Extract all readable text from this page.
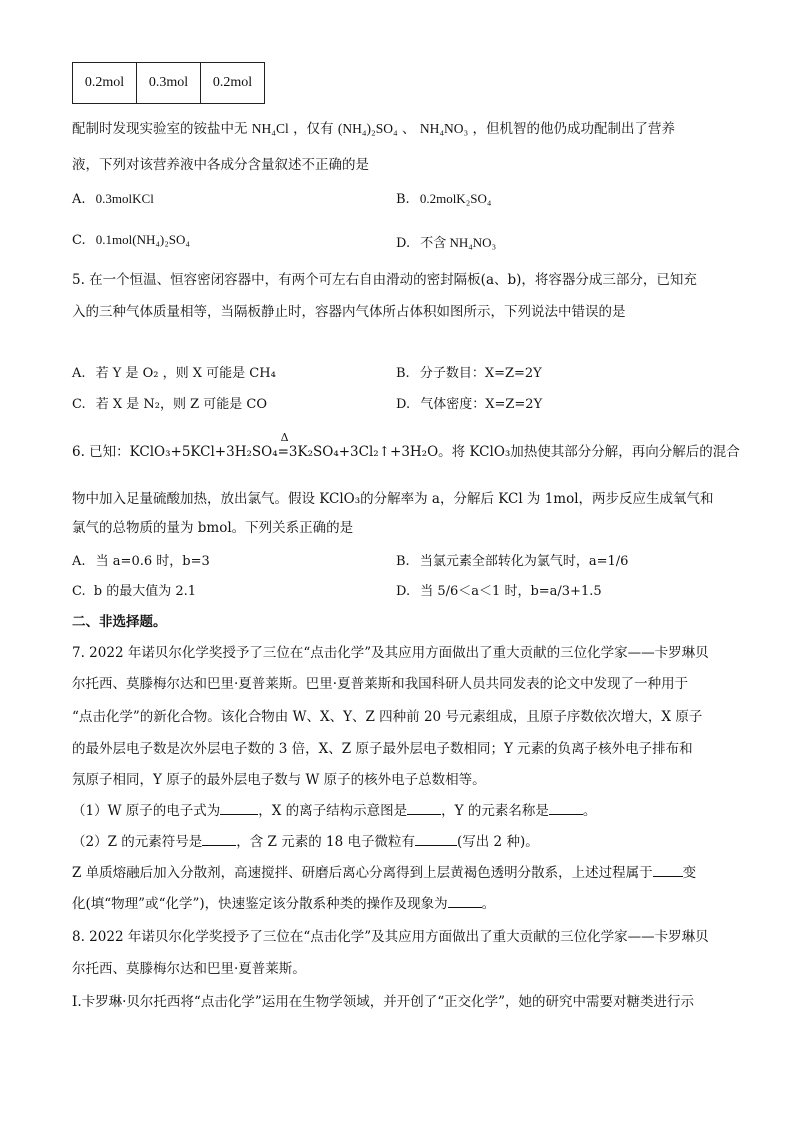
0.2mol	0.3mol	0.2mol
配制时发现实验室的铵盐中无 NH₄Cl ，仅有 (NH₄)₂SO₄ 、 NH₄NO₃ ，但机智的他仍成功配制出了营养
液，下列对该营养液中各成分含量叙述不正确的是
A. 0.3molKCl	B. 0.2molK₂SO₄
C. 0.1mol(NH₄)₂SO₄	D. 不含 NH₄NO₃
5. 在一个恒温、恒容密闭容器中，有两个可左右自由滑动的密封隔板(a、b)，将容器分成三部分，已知充
入的三种气体质量相等，当隔板静止时，容器内气体所占体积如图所示，下列说法中错误的是
A. 若 Y 是 O₂ ，则 X 可能是 CH₄	B. 分子数目：X=Z=2Y
C. 若 X 是 N₂，则 Z 可能是 CO	D. 气体密度：X=Z=2Y
6. 已知：KClO₃+5KCl+3H₂SO₄
Δ
=3K₂SO₄+3Cl₂↑+3H₂O。将 KClO₃加热使其部分分解，再向分解后的混合
物中加入足量硫酸加热，放出氯气。假设 KClO₃的分解率为 a，分解后 KCl 为 1mol，两步反应生成氧气和
氯气的总物质的量为 bmol。下列关系正确的是
A. 当 a=0.6 时，b=3	B. 当氯元素全部转化为氯气时，a=1/6
C. b 的最大值为 2.1	D. 当 5/6＜a＜1 时，b=a/3+1.5
二、非选择题。
7. 2022 年诺贝尔化学奖授予了三位在“点击化学”及其应用方面做出了重大贡献的三位化学家——卡罗琳贝
尔托西、莫滕梅尔达和巴里·夏普莱斯。巴里·夏普莱斯和我国科研人员共同发表的论文中发现了一种用于
“点击化学”的新化合物。该化合物由 W、X、Y、Z 四种前 20 号元素组成，且原子序数依次增大，X 原子
的最外层电子数是次外层电子数的 3 倍，X、Z 原子最外层电子数相同；Y 元素的负离子核外电子排布和
氖原子相同，Y 原子的最外层电子数与 W 原子的核外电子总数相等。
（1）W 原子的电子式为	，X 的离子结构示意图是	，Y 的元素名称是	。
（2）Z 的元素符号是	，含 Z 元素的 18 电子微粒有	(写出 2 种)。
Z 单质熔融后加入分散剂，高速搅拌、研磨后离心分离得到上层黄褐色透明分散系，上述过程属于 变
化(填“物理”或“化学”)，快速鉴定该分散系种类的操作及现象为	。
8. 2022 年诺贝尔化学奖授予了三位在“点击化学”及其应用方面做出了重大贡献的三位化学家——卡罗琳贝
尔托西、莫滕梅尔达和巴里·夏普莱斯。
I.卡罗琳·贝尔托西将“点击化学”运用在生物学领域，并开创了“正交化学”，她的研究中需要对糖类进行示
